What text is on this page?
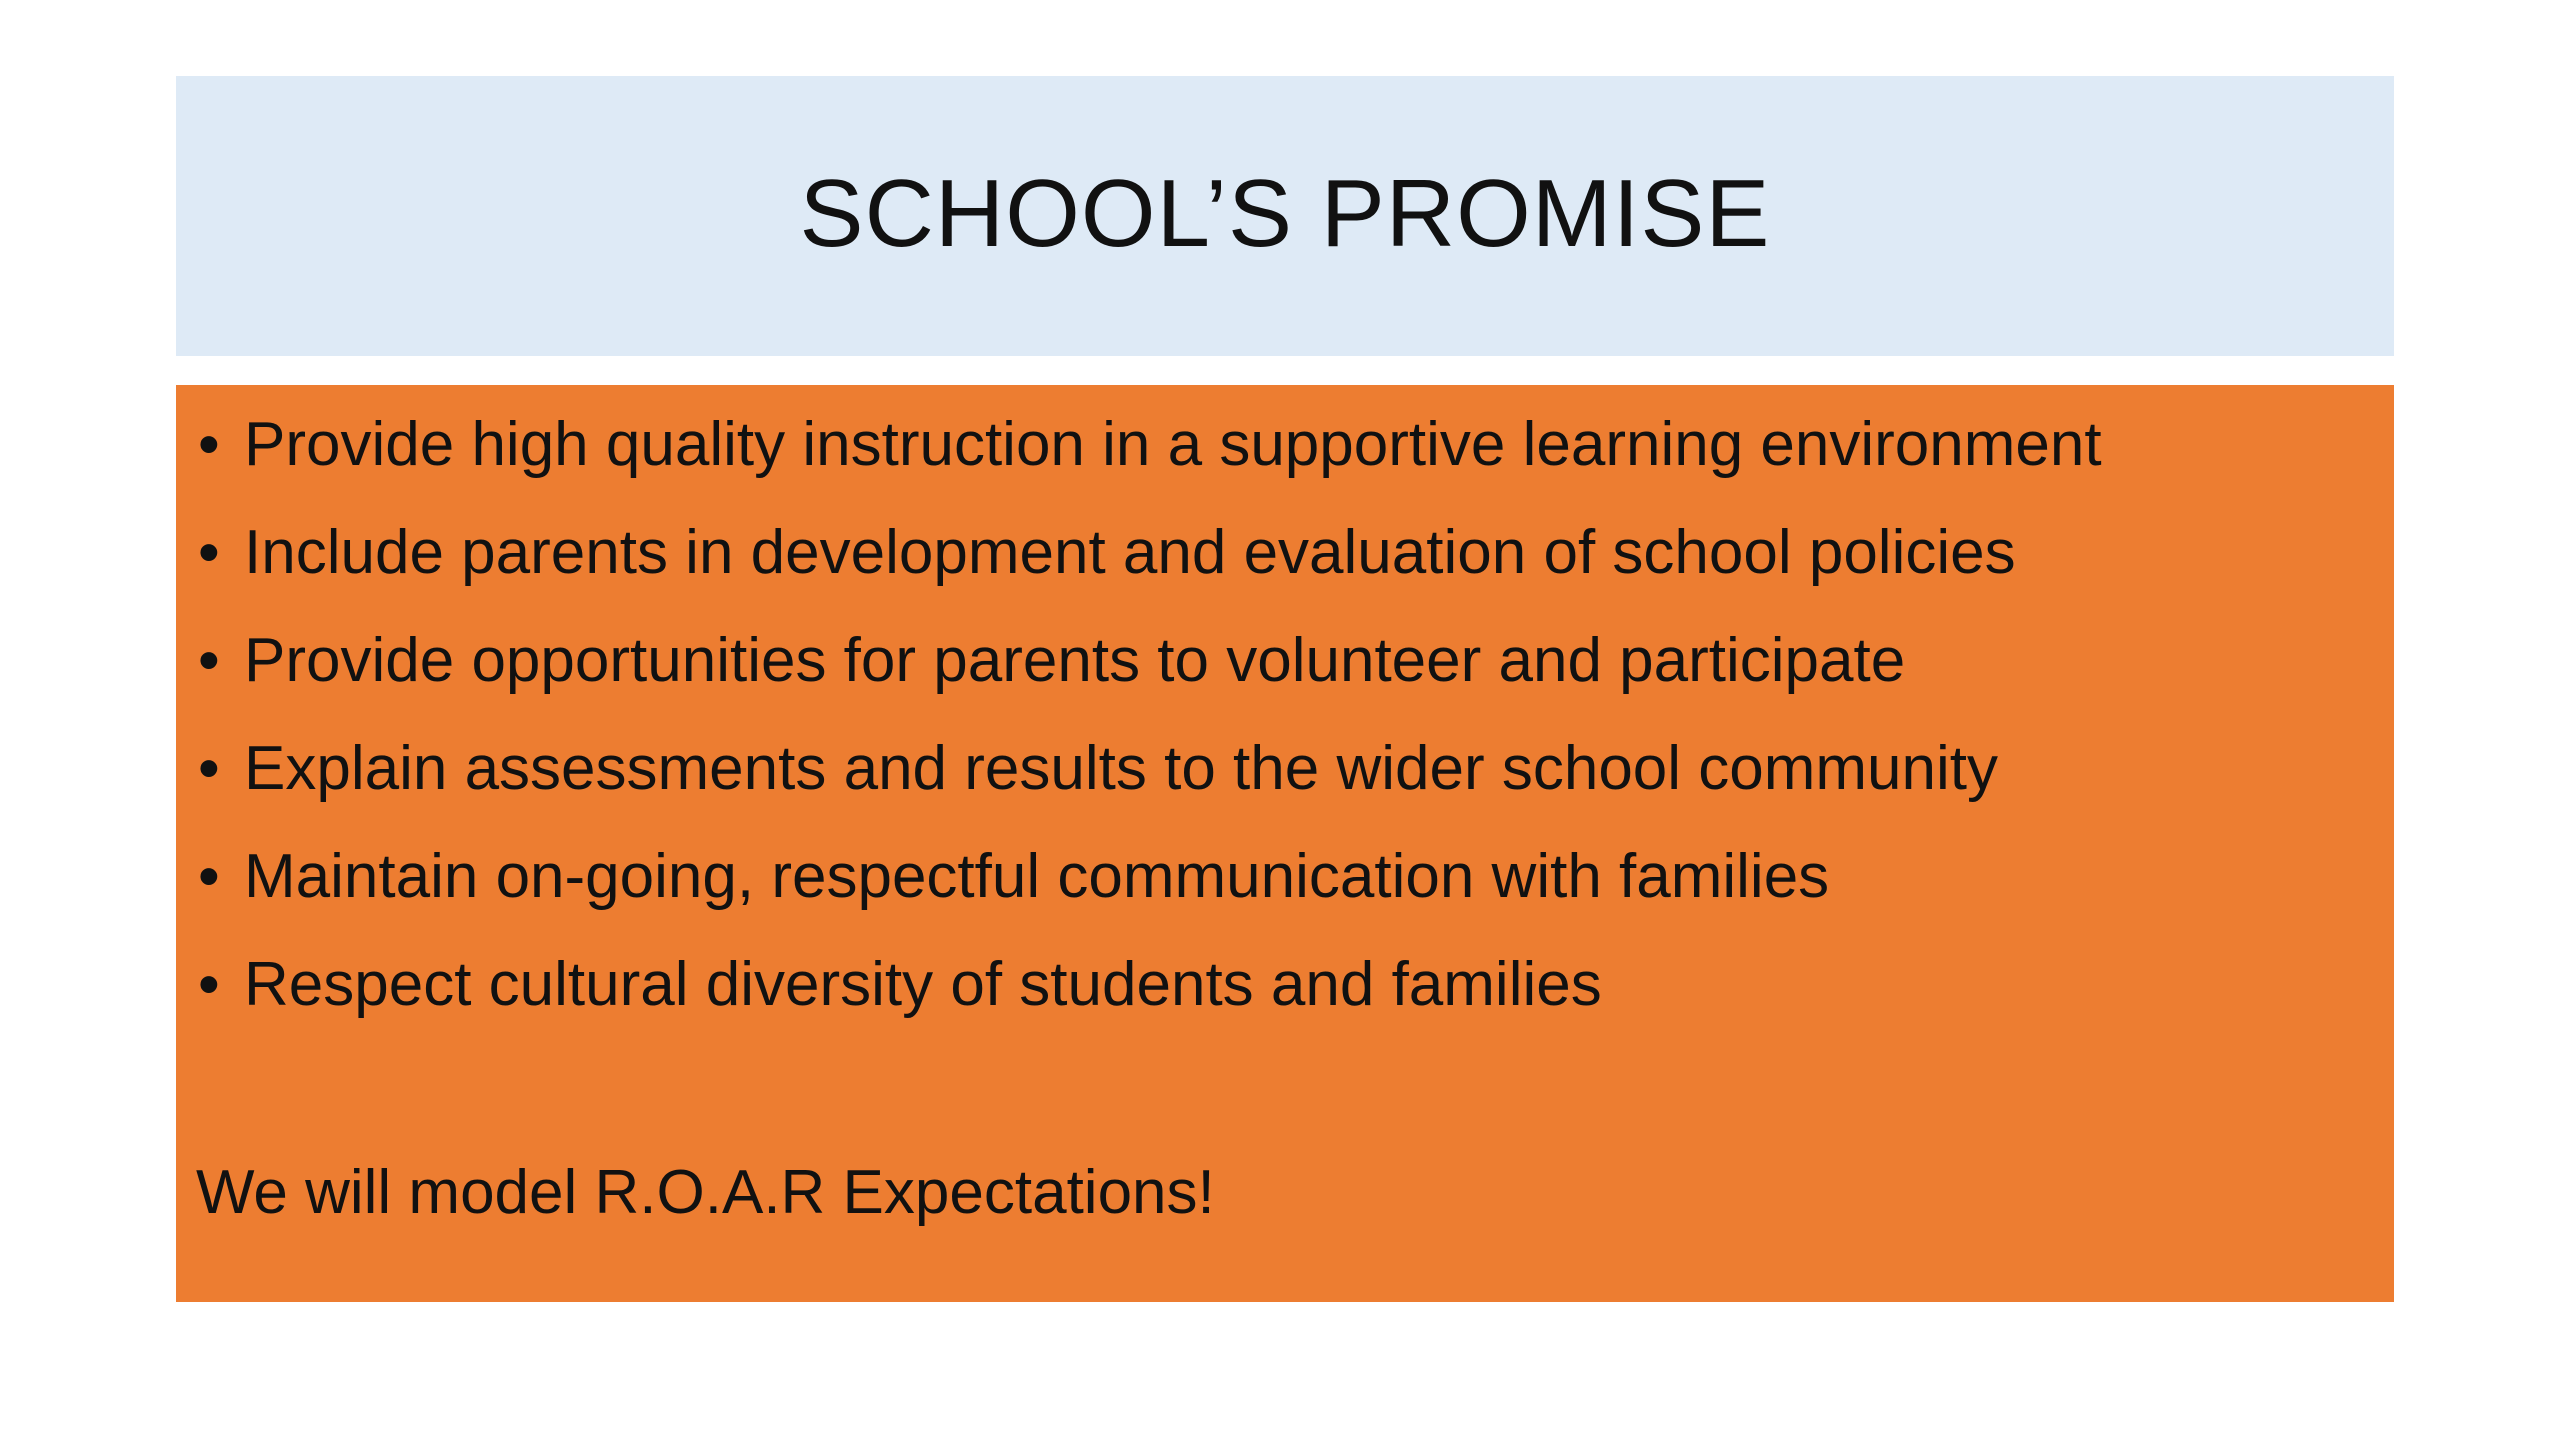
SCHOOL’S PROMISE
• Provide high quality instruction in a supportive learning environment
• Include parents in development and evaluation of school policies
• Provide opportunities for parents to volunteer and participate
• Explain assessments and results to the wider school community
• Maintain on-going, respectful communication with families
• Respect cultural diversity of students and families
We will model R.O.A.R Expectations!
